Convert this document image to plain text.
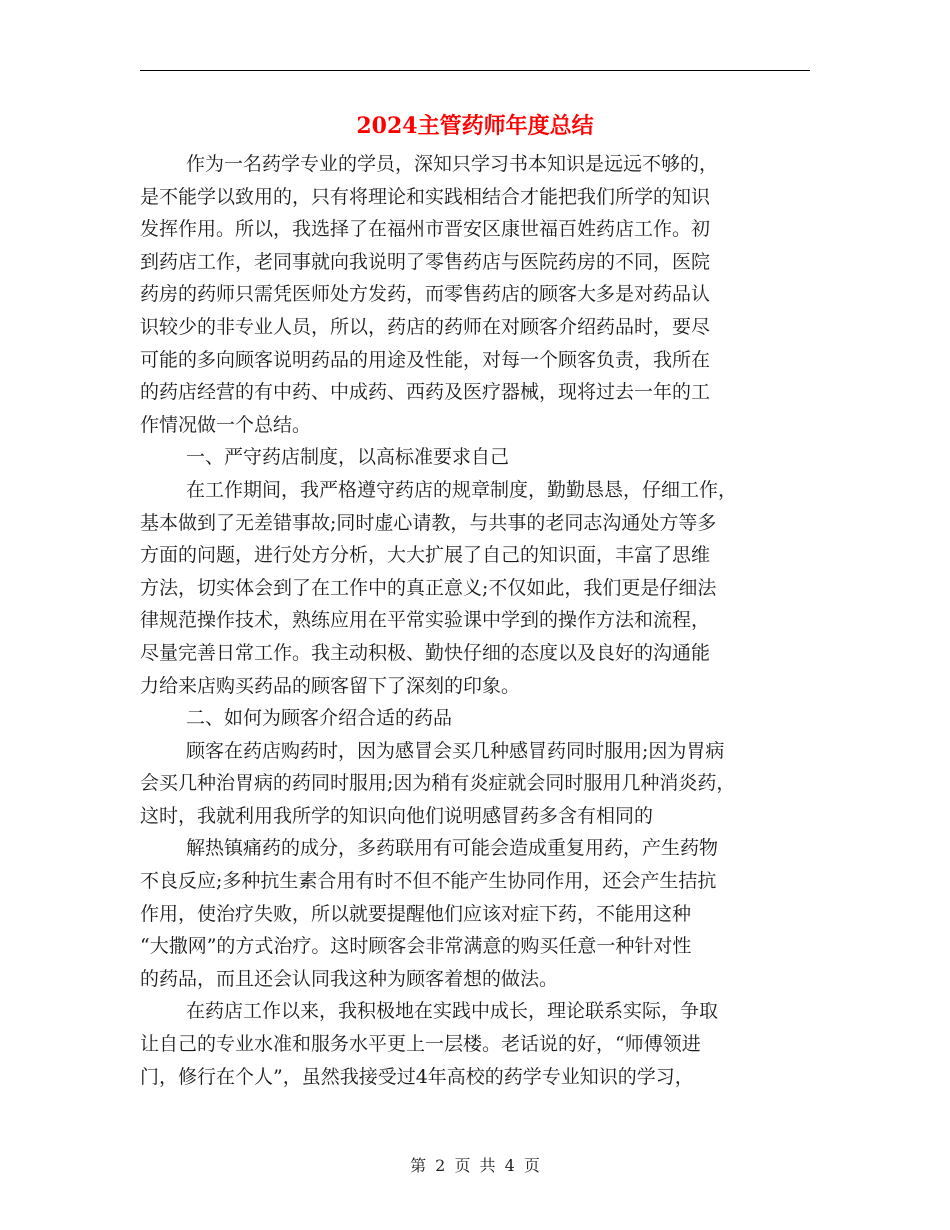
2024主管药师年度总结
作为一名药学专业的学员，深知只学习书本知识是远远不够的，
是不能学以致用的，只有将理论和实践相结合才能把我们所学的知识
发挥作用。所以，我选择了在福州市晋安区康世福百姓药店工作。初
到药店工作，老同事就向我说明了零售药店与医院药房的不同，医院
药房的药师只需凭医师处方发药，而零售药店的顾客大多是对药品认
识较少的非专业人员，所以，药店的药师在对顾客介绍药品时，要尽
可能的多向顾客说明药品的用途及性能，对每一个顾客负责，我所在
的药店经营的有中药、中成药、西药及医疗器械，现将过去一年的工
作情况做一个总结。
一、严守药店制度，以高标准要求自己
在工作期间，我严格遵守药店的规章制度，勤勤恳恳，仔细工作，
基本做到了无差错事故;同时虚心请教，与共事的老同志沟通处方等多
方面的问题，进行处方分析，大大扩展了自己的知识面，丰富了思维
方法，切实体会到了在工作中的真正意义;不仅如此，我们更是仔细法
律规范操作技术，熟练应用在平常实验课中学到的操作方法和流程，
尽量完善日常工作。我主动积极、勤快仔细的态度以及良好的沟通能
力给来店购买药品的顾客留下了深刻的印象。
二、如何为顾客介绍合适的药品
顾客在药店购药时，因为感冒会买几种感冒药同时服用;因为胃病
会买几种治胃病的药同时服用;因为稍有炎症就会同时服用几种消炎药，
这时，我就利用我所学的知识向他们说明感冒药多含有相同的
解热镇痛药的成分，多药联用有可能会造成重复用药，产生药物
不良反应;多种抗生素合用有时不但不能产生协同作用，还会产生拮抗
作用，使治疗失败，所以就要提醒他们应该对症下药，不能用这种
“大撒网”的方式治疗。这时顾客会非常满意的购买任意一种针对性
的药品，而且还会认同我这种为顾客着想的做法。
在药店工作以来，我积极地在实践中成长，理论联系实际，争取
让自己的专业水准和服务水平更上一层楼。老话说的好，“师傅领进
门，修行在个人”，虽然我接受过4年高校的药学专业知识的学习，
第 2 页 共 4 页
